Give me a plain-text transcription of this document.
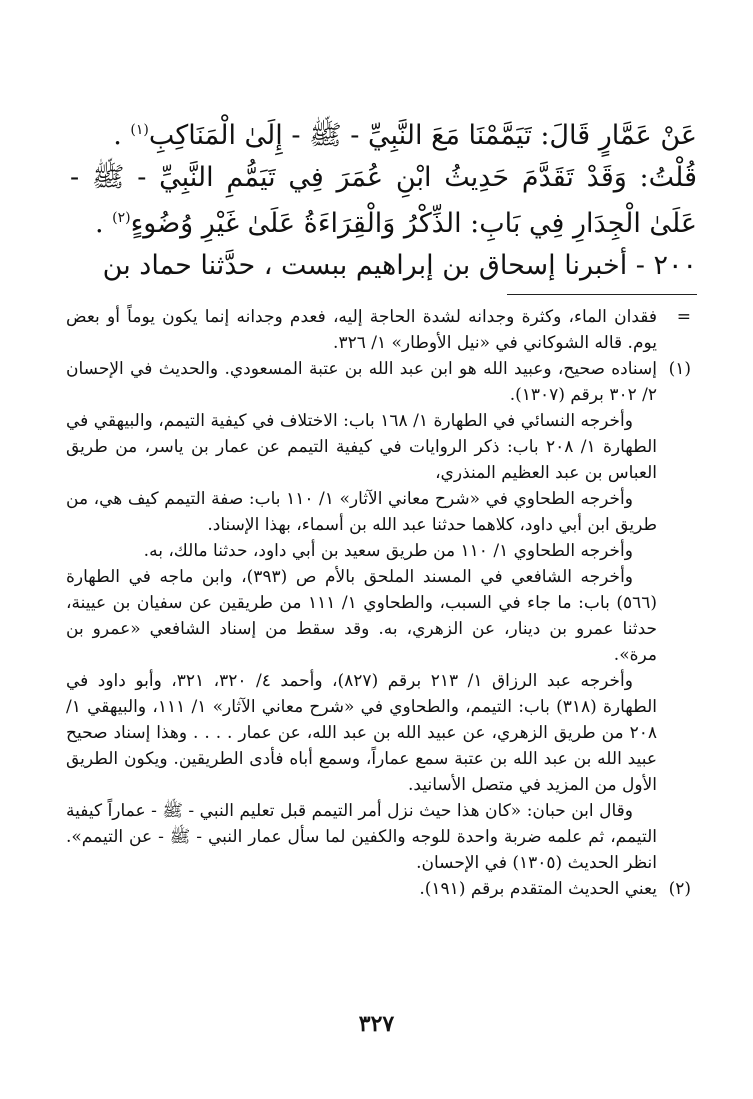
عَنْ عَمَّارٍ قَالَ: تَيَمَّمْنَا مَعَ النَّبِيِّ - ﷺ - إِلَىٰ الْمَنَاكِبِ$^{(١)}$ .

قُلْتُ: وَقَدْ تَقَدَّمَ حَدِيثُ ابْنِ عُمَرَ فِي تَيَمُّمِ النَّبِيِّ - ﷺ - عَلَىٰ الْجِدَارِ فِي بَابِ: الذِّكْرُ وَالْقِرَاءَةُ عَلَىٰ غَيْرِ وُضُوءٍ$^{(٢)}$ .

٢٠٠ - أخبرنا إسحاق بن إبراهيم ببست ، حدَّثنا حماد بن

=

فقدان الماء، وكثرة وجدانه لشدة الحاجة إليه، فعدم وجدانه إنما يكون يوماً أو بعض يوم. قاله الشوكاني في «نيل الأوطار» ١/ ٣٢٦.

(١)

إسناده صحيح، وعبيد الله هو ابن عبد الله بن عتبة المسعودي. والحديث في الإحسان ٢/ ٣٠٢ برقم (١٣٠٧).

وأخرجه النسائي في الطهارة ١/ ١٦٨ باب: الاختلاف في كيفية التيمم، والبيهقي في الطهارة ١/ ٢٠٨ باب: ذكر الروايات في كيفية التيمم عن عمار بن ياسر، من طريق العباس بن عبد العظيم المنذري،

وأخرجه الطحاوي في «شرح معاني الآثار» ١/ ١١٠ باب: صفة التيمم كيف هي، من طريق ابن أبي داود، كلاهما حدثنا عبد الله بن أسماء، بهذا الإسناد.

وأخرجه الطحاوي ١/ ١١٠ من طريق سعيد بن أبي داود، حدثنا مالك، به.

وأخرجه الشافعي في المسند الملحق بالأم ص (٣٩٣)، وابن ماجه في الطهارة (٥٦٦) باب: ما جاء في السبب، والطحاوي ١/ ١١١ من طريقين عن سفيان بن عيينة، حدثنا عمرو بن دينار، عن الزهري، به. وقد سقط من إسناد الشافعي «عمرو بن مرة».

وأخرجه عبد الرزاق ١/ ٢١٣ برقم (٨٢٧)، وأحمد ٤/ ٣٢٠، ٣٢١، وأبو داود في الطهارة (٣١٨) باب: التيمم، والطحاوي في «شرح معاني الآثار» ١/ ١١١، والبيهقي ١/ ٢٠٨ من طريق الزهري، عن عبيد الله بن عبد الله، عن عمار . . . . وهذا إسناد صحيح عبيد الله بن عبد الله بن عتبة سمع عماراً، وسمع أباه فأدى الطريقين. ويكون الطريق الأول من المزيد في متصل الأسانيد.

وقال ابن حبان: «كان هذا حيث نزل أمر التيمم قبل تعليم النبي - ﷺ - عماراً كيفية التيمم، ثم علمه ضربة واحدة للوجه والكفين لما سأل عمار النبي - ﷺ - عن التيمم». انظر الحديث (١٣٠٥) في الإحسان.

(٢)

يعني الحديث المتقدم برقم (١٩١).

٣٢٧
